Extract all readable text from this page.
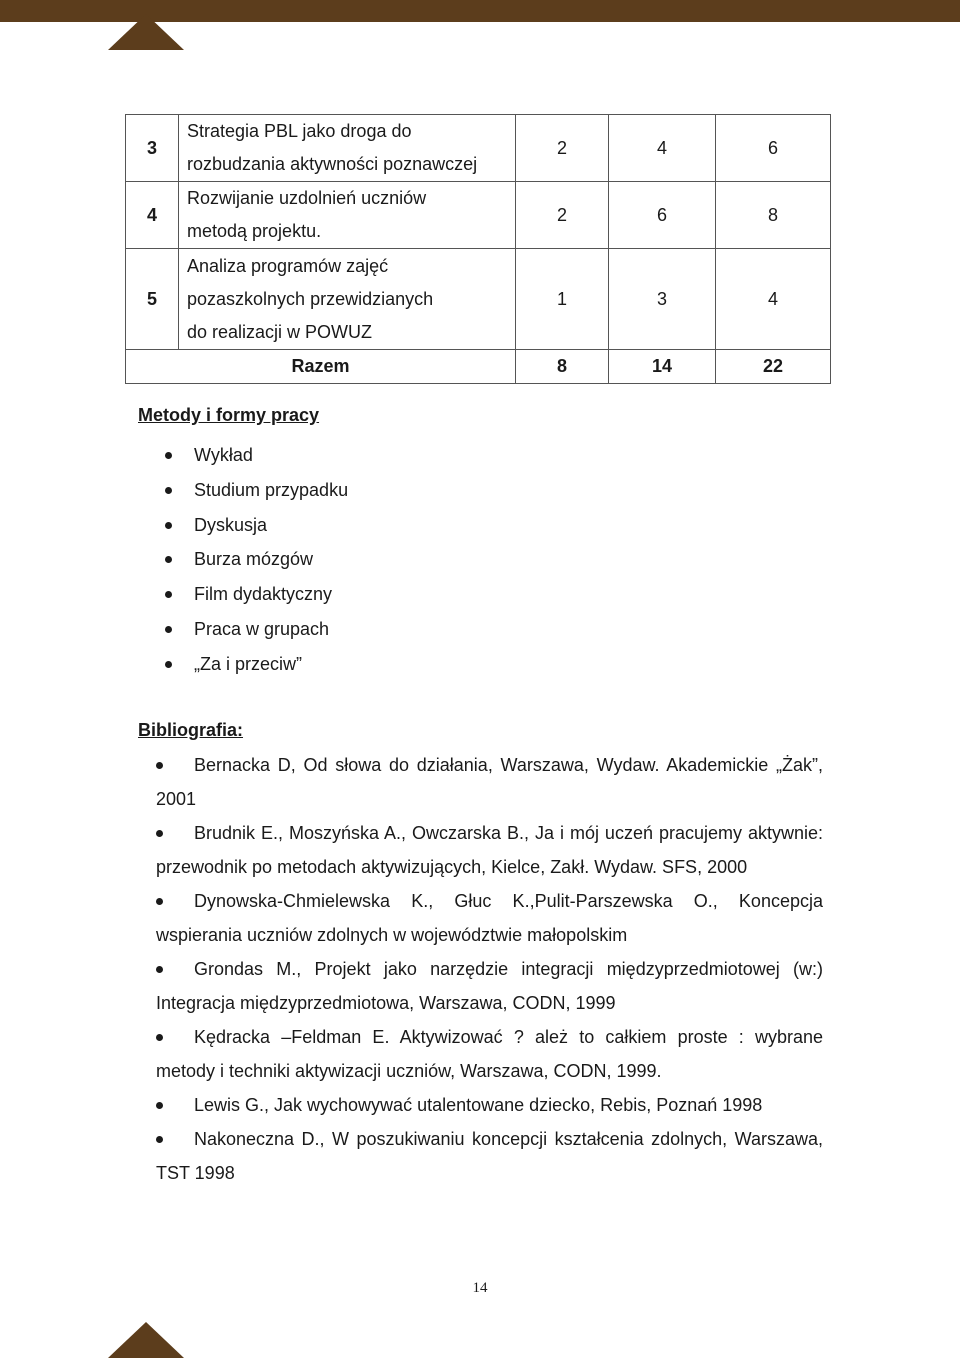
3	Strategia PBL jako droga do
rozbudzania aktywności poznawczej	2	4	6
4	Rozwijanie uzdolnień uczniów
metodą projektu.	2	6	8
5	Analiza programów zajęć
pozaszkolnych przewidzianych
do realizacji w POWUZ	1	3	4
Razem		8	14	22
Metody i formy pracy
Wykład
Studium przypadku
Dyskusja
Burza mózgów
Film dydaktyczny
Praca w grupach
„Za i przeciw”
Bibliografia:
Bernacka D, Od słowa do działania, Warszawa, Wydaw. Akademickie „Żak”, 2001
Brudnik E., Moszyńska A., Owczarska B., Ja i mój uczeń pracujemy aktywnie: przewodnik po metodach aktywizujących, Kielce, Zakł. Wydaw. SFS, 2000
Dynowska-Chmielewska K., Głuc K.,Pulit-Parszewska O., Koncepcja wspierania uczniów zdolnych w województwie małopolskim
Grondas M., Projekt jako narzędzie integracji międzyprzedmiotowej (w:) Integracja międzyprzedmiotowa, Warszawa, CODN, 1999
Kędracka –Feldman E. Aktywizować ? ależ to całkiem proste : wybrane metody i techniki aktywizacji uczniów, Warszawa, CODN, 1999.
Lewis G., Jak wychowywać utalentowane dziecko, Rebis, Poznań 1998
Nakoneczna D., W poszukiwaniu koncepcji kształcenia zdolnych, Warszawa, TST 1998
14
